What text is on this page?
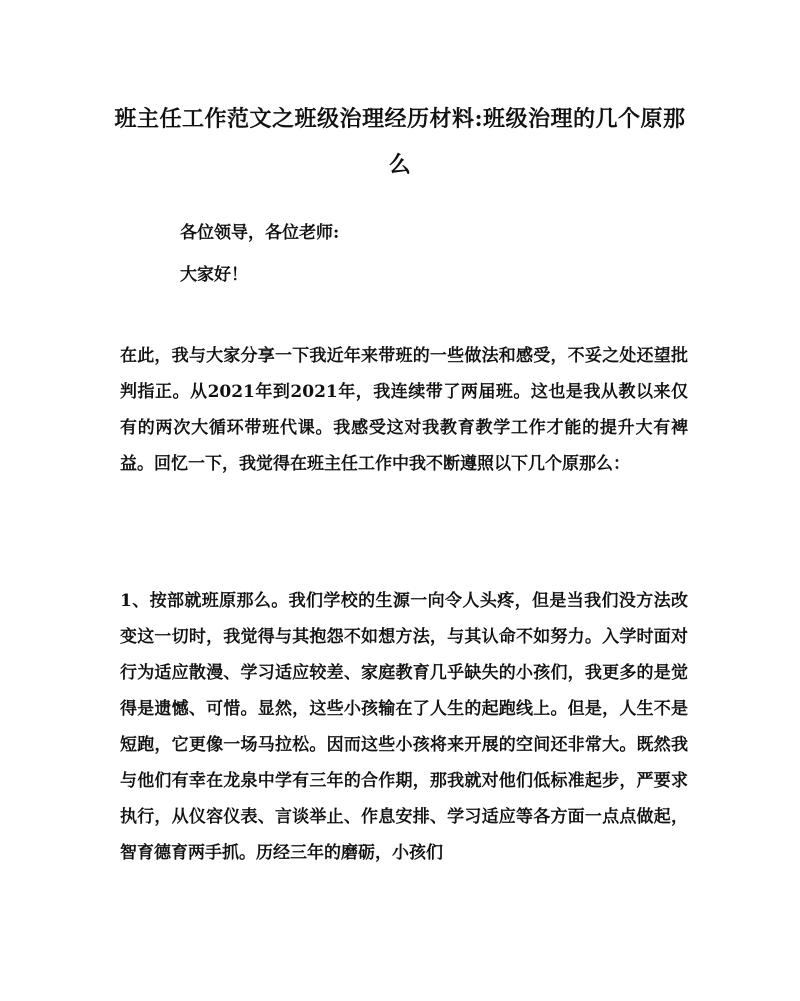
班主任工作范文之班级治理经历材料:班级治理的几个原那么
各位领导，各位老师:
大家好！
在此，我与大家分享一下我近年来带班的一些做法和感受，不妥之处还望批判指正。从2021年到2021年，我连续带了两届班。这也是我从教以来仅有的两次大循环带班代课。我感受这对我教育教学工作才能的提升大有裨益。回忆一下，我觉得在班主任工作中我不断遵照以下几个原那么：
1、按部就班原那么。我们学校的生源一向令人头疼，但是当我们没方法改变这一切时，我觉得与其抱怨不如想方法，与其认命不如努力。入学时面对行为适应散漫、学习适应较差、家庭教育几乎缺失的小孩们，我更多的是觉得是遗憾、可惜。显然，这些小孩输在了人生的起跑线上。但是，人生不是短跑，它更像一场马拉松。因而这些小孩将来开展的空间还非常大。既然我与他们有幸在龙泉中学有三年的合作期，那我就对他们低标准起步，严要求执行，从仪容仪表、言谈举止、作息安排、学习适应等各方面一点点做起，智育德育两手抓。历经三年的磨砺，小孩们
